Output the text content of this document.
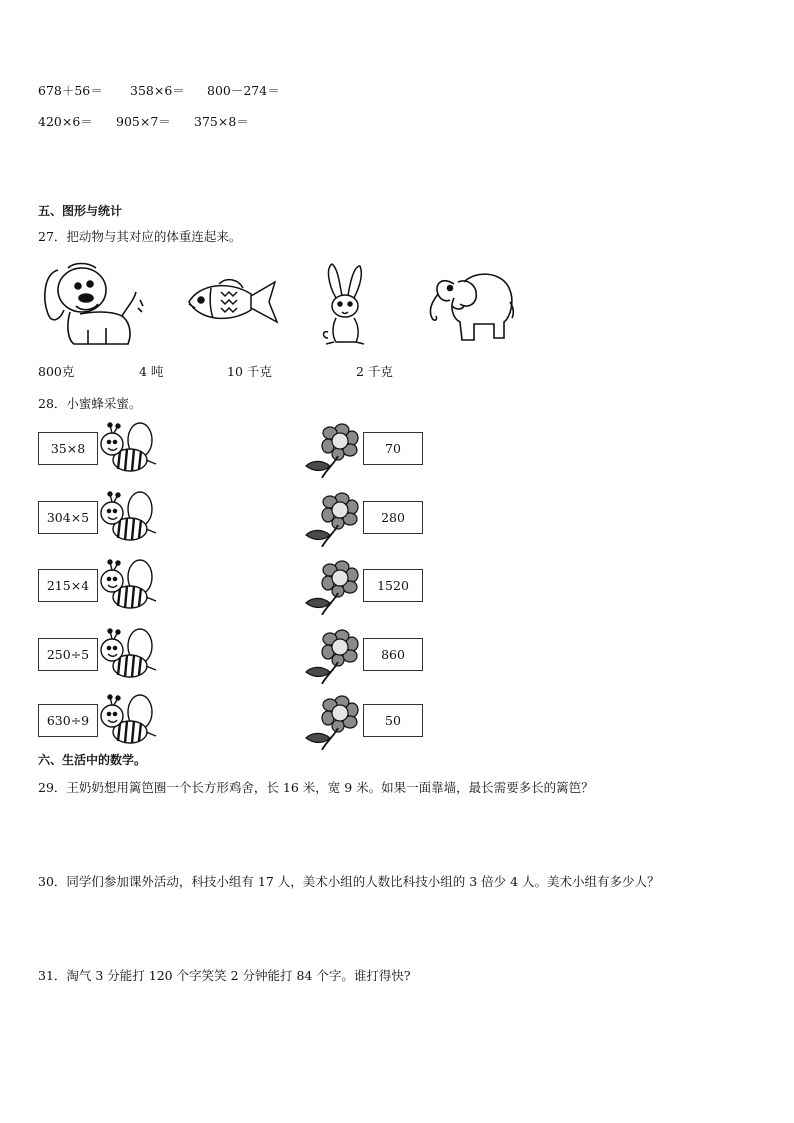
678＋56＝ 358×6＝ 800－274＝
420×6＝ 905×7＝ 375×8＝
五、图形与统计
27．把动物与其对应的体重连起来。
800克	4 吨	10 千克	2 千克
28．小蜜蜂采蜜。
35×8	70
304×5	280
215×4	1520
250÷5	860
630÷9	50
六、生活中的数学。
29．王奶奶想用篱笆圈一个长方形鸡舍，长 16 米，宽 9 米。如果一面靠墙，最长需要多长的篱笆？
30．同学们参加课外活动，科技小组有 17 人，美术小组的人数比科技小组的 3 倍少 4 人。美术小组有多少人？
31．淘气 3 分能打 120 个字笑笑 2 分钟能打 84 个字。谁打得快?
